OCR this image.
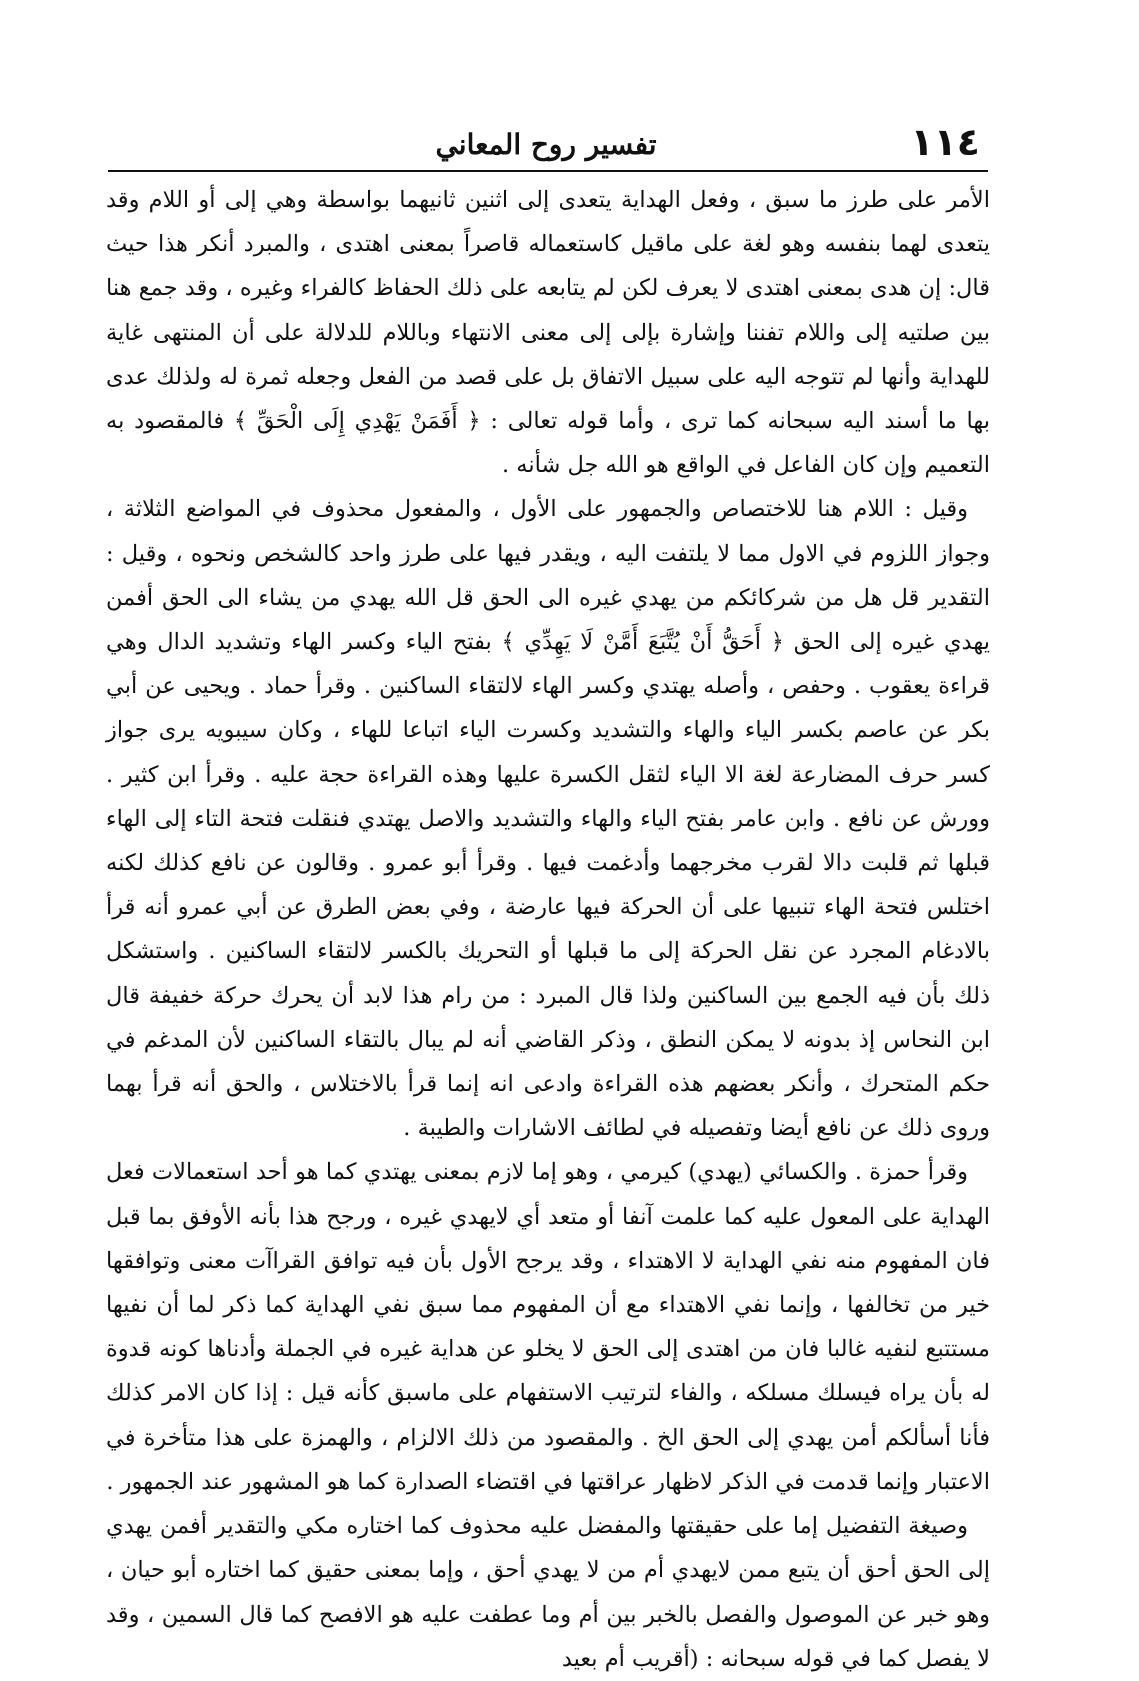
١١٤
تفسير روح المعاني

الأمر على طرز ما سبق ، وفعل الهداية يتعدى إلى اثنين ثانيهما بواسطة وهي إلى أو اللام وقد يتعدى لهما بنفسه وهو لغة على ماقيل كاستعماله قاصراً بمعنى اهتدى ، والمبرد أنكر هذا حيث قال: إن هدى بمعنى اهتدى لا يعرف لكن لم يتابعه على ذلك الحفاظ كالفراء وغيره ، وقد جمع هنا بين صلتيه إلى واللام تفننا وإشارة بإلى إلى معنى الانتهاء وباللام للدلالة على أن المنتهى غاية للهداية وأنها لم تتوجه اليه على سبيل الاتفاق بل على قصد من الفعل وجعله ثمرة له ولذلك عدى بها ما أسند اليه سبحانه كما ترى ، وأما قوله تعالى : ﴿ أَفَمَنْ يَهْدِي إِلَى الْحَقِّ ﴾ فالمقصود به التعميم وإن كان الفاعل في الواقع هو الله جل شأنه .

وقيل : اللام هنا للاختصاص والجمهور على الأول ، والمفعول محذوف في المواضع الثلاثة ، وجواز اللزوم في الاول مما لا يلتفت اليه ، ويقدر فيها على طرز واحد كالشخص ونحوه ، وقيل : التقدير قل هل من شركائكم من يهدي غيره الى الحق قل الله يهدي من يشاء الى الحق أفمن يهدي غيره إلى الحق ﴿ أَحَقُّ أَنْ يُتَّبَعَ أَمَّنْ لَا يَهِدِّي ﴾ بفتح الياء وكسر الهاء وتشديد الدال وهي قراءة يعقوب . وحفص ، وأصله يهتدي وكسر الهاء لالتقاء الساكنين . وقرأ حماد . ويحيى عن أبي بكر عن عاصم بكسر الياء والهاء والتشديد وكسرت الياء اتباعا للهاء ، وكان سيبويه يرى جواز كسر حرف المضارعة لغة الا الياء لثقل الكسرة عليها وهذه القراءة حجة عليه . وقرأ ابن كثير . وورش عن نافع . وابن عامر بفتح الياء والهاء والتشديد والاصل يهتدي فنقلت فتحة التاء إلى الهاء قبلها ثم قلبت دالا لقرب مخرجهما وأدغمت فيها . وقرأ أبو عمرو . وقالون عن نافع كذلك لكنه اختلس فتحة الهاء تنبيها على أن الحركة فيها عارضة ، وفي بعض الطرق عن أبي عمرو أنه قرأ بالادغام المجرد عن نقل الحركة إلى ما قبلها أو التحريك بالكسر لالتقاء الساكنين . واستشكل ذلك بأن فيه الجمع بين الساكنين ولذا قال المبرد : من رام هذا لابد أن يحرك حركة خفيفة قال ابن النحاس إذ بدونه لا يمكن النطق ، وذكر القاضي أنه لم يبال بالتقاء الساكنين لأن المدغم في حكم المتحرك ، وأنكر بعضهم هذه القراءة وادعى انه إنما قرأ بالاختلاس ، والحق أنه قرأ بهما وروى ذلك عن نافع أيضا وتفصيله في لطائف الاشارات والطيبة .

وقرأ حمزة . والكسائي (يهدي) كيرمي ، وهو إما لازم بمعنى يهتدي كما هو أحد استعمالات فعل الهداية على المعول عليه كما علمت آنفا أو متعد أي لايهدي غيره ، ورجح هذا بأنه الأوفق بما قبل فان المفهوم منه نفي الهداية لا الاهتداء ، وقد يرجح الأول بأن فيه توافق القراآت معنى وتوافقها خير من تخالفها ، وإنما نفي الاهتداء مع أن المفهوم مما سبق نفي الهداية كما ذكر لما أن نفيها مستتبع لنفيه غالبا فان من اهتدى إلى الحق لا يخلو عن هداية غيره في الجملة وأدناها كونه قدوة له بأن يراه فيسلك مسلكه ، والفاء لترتيب الاستفهام على ماسبق كأنه قيل : إذا كان الامر كذلك فأنا أسألكم أمن يهدي إلى الحق الخ . والمقصود من ذلك الالزام ، والهمزة على هذا متأخرة في الاعتبار وإنما قدمت في الذكر لاظهار عراقتها في اقتضاء الصدارة كما هو المشهور عند الجمهور .

وصيغة التفضيل إما على حقيقتها والمفضل عليه محذوف كما اختاره مكي والتقدير أفمن يهدي إلى الحق أحق أن يتبع ممن لايهدي أم من لا يهدي أحق ، وإما بمعنى حقيق كما اختاره أبو حيان ، وهو خبر عن الموصول والفصل بالخبر بين أم وما عطفت عليه هو الافصح كما قال السمين ، وقد لا يفصل كما في قوله سبحانه : (أقريب أم بعيد
